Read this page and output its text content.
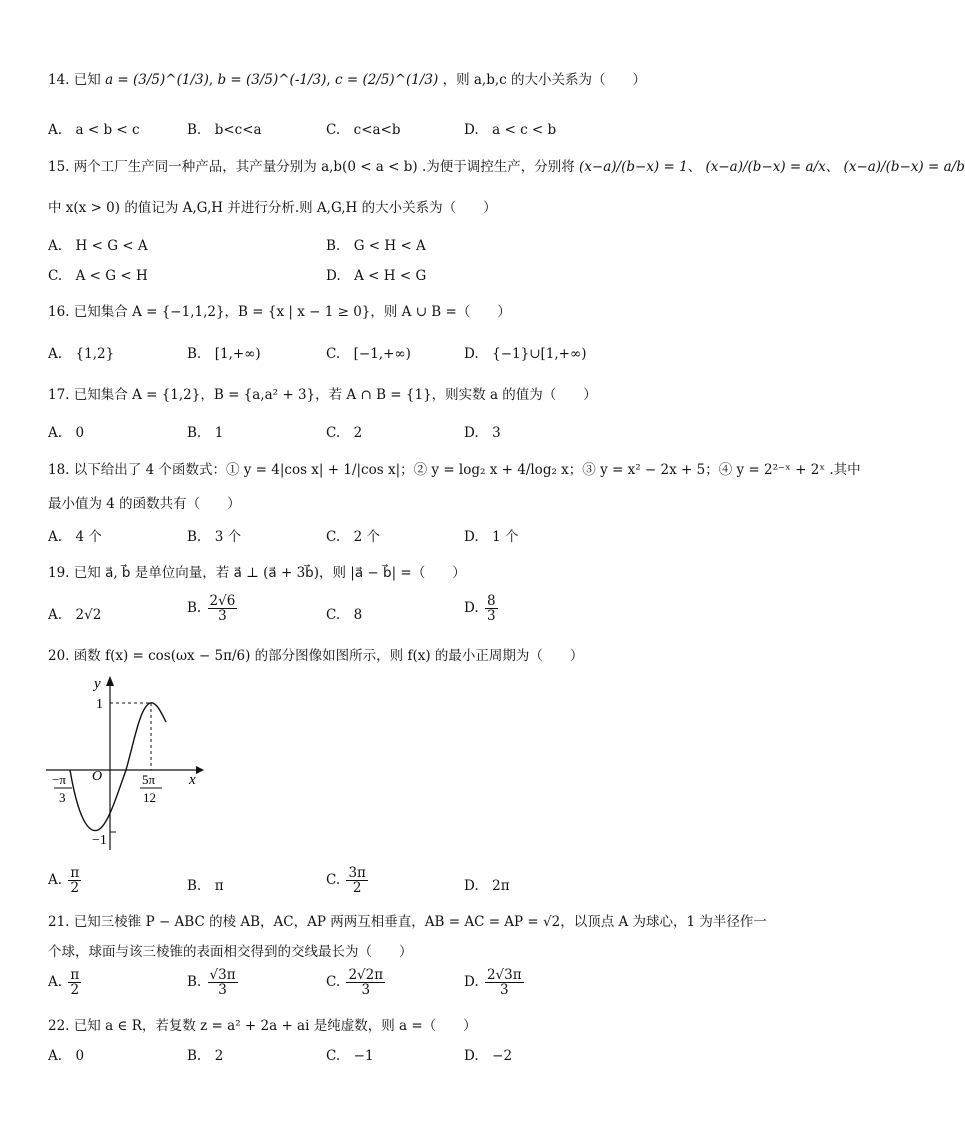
14. 已知 a = (3/5)^(1/3), b = (3/5)^(-1/3), c = (2/5)^(1/3) ，则 a,b,c 的大小关系为（　　）
A.　a < b < c	B.　b<c<a	C.　c<a<b	D.　a < c < b
15. 两个工厂生产同一种产品，其产量分别为 a,b(0 < a < b) .为便于调控生产，分别将 (x−a)/(b−x) = 1、 (x−a)/(b−x) = a/x、 (x−a)/(b−x) = a/b
中 x(x > 0) 的值记为 A,G,H 并进行分析.则 A,G,H 的大小关系为（　　）
A.　H < G < A	B.　G < H < A
C.　A < G < H	D.　A < H < G
16. 已知集合 A = {−1,1,2}，B = {x | x − 1 ≥ 0}，则 A ∪ B =（　　）
A.　{1,2}	B.　[1,+∞)	C.　[−1,+∞)	D.　{−1}∪[1,+∞)
17. 已知集合 A = {1,2}，B = {a,a² + 3}，若 A ∩ B = {1}，则实数 a 的值为（　　）
A.　0	B.　1	C.　2	D.　3
18. 以下给出了 4 个函数式：① y = 4|cos x| + 1/|cos x|；② y = log₂ x + 4/log₂ x；③ y = x² − 2x + 5；④ y = 2²⁻ˣ + 2ˣ .其中
最小值为 4 的函数共有（　　）
A.　4 个	B.　3 个	C.　2 个	D.　1 个
19. 已知 a⃗, b⃗ 是单位向量，若 a⃗ ⊥ (a⃗ + 3b⃗)，则 |a⃗ − b⃗| =（　　）
A.　2√2	B. $\frac{2√6}{3}$	C.　8	D. $\frac{8}{3}$
20. 函数 f(x) = cos(ωx − 5π/6) 的部分图像如图所示，则 f(x) 的最小正周期为（　　）
y
x
O
1
−1
−π
3
5π
12
A. $\frac{\pi}{2}$	B.　π	C. $\frac{3\pi}{2}$	D.　2π
21. 已知三棱锥 P − ABC 的棱 AB，AC，AP 两两互相垂直，AB = AC = AP = √2，以顶点 A 为球心，1 为半径作一
个球，球面与该三棱锥的表面相交得到的交线最长为（　　）
A. $\frac{\pi}{2}$	B. $\frac{√3\pi}{3}$	C. $\frac{2√2\pi}{3}$	D. $\frac{2√3\pi}{3}$
22. 已知 a ∈ R，若复数 z = a² + 2a + ai 是纯虚数，则 a =（　　）
A.　0	B.　2	C.　−1	D.　−2
